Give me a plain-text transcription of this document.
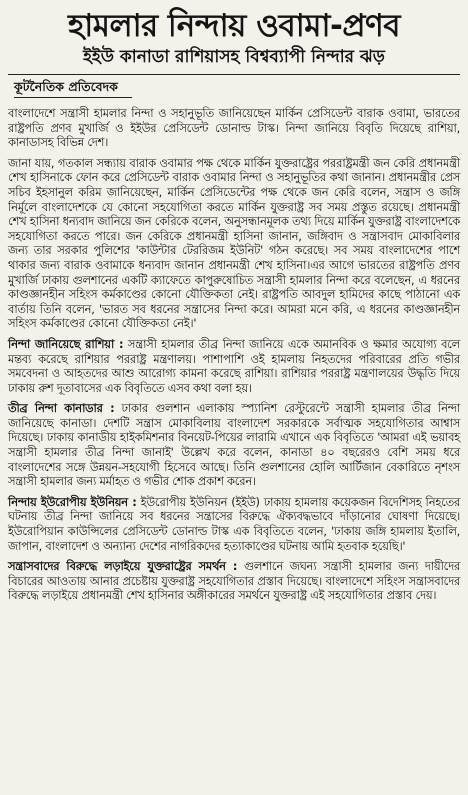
হামলার নিন্দায় ওবামা-প্রণব
ইইউ কানাডা রাশিয়াসহ বিশ্বব্যাপী নিন্দার ঝড়
কূটনৈতিক প্রতিবেদক

বাংলাদেশে সন্ত্রাসী হামলার নিন্দা ও সহানুভূতি জানিয়েছেন মার্কিন প্রেসিডেন্ট বারাক ওবামা, ভারতের রাষ্ট্রপতি প্রণব মুখার্জি ও ইইউর প্রেসিডেন্ট ডোনাল্ড টাস্ক। নিন্দা জানিয়ে বিবৃতি দিয়েছে রাশিয়া, কানাডাসহ বিভিন্ন দেশ।

জানা যায়, গতকাল সন্ধ্যায় বারাক ওবামার পক্ষ থেকে মার্কিন যুক্তরাষ্ট্রের পররাষ্ট্রমন্ত্রী জন কেরি প্রধানমন্ত্রী শেখ হাসিনাকে ফোন করে প্রেসিডেন্ট বারাক ওবামার নিন্দা ও সহানুভূতির কথা জানান। প্রধানমন্ত্রীর প্রেস সচিব ইহসানুল করিম জানিয়েছেন, মার্কিন প্রেসিডেন্টের পক্ষ থেকে জন কেরি বলেন, সন্ত্রাস ও জঙ্গি নির্মূলে বাংলাদেশকে যে কোনো সহযোগিতা করতে মার্কিন যুক্তরাষ্ট্র সব সময় প্রস্তুত রয়েছে। প্রধানমন্ত্রী শেখ হাসিনা ধন্যবাদ জানিয়ে জন কেরিকে বলেন, অনুসন্ধানমূলক তথ্য দিয়ে মার্কিন যুক্তরাষ্ট্র বাংলাদেশকে সহযোগিতা করতে পারে। জন কেরিকে প্রধানমন্ত্রী হাসিনা জানান, জঙ্গিবাদ ও সন্ত্রাসবাদ মোকাবিলার জন্য তার সরকার পুলিশের 'কাউন্টার টেররিজম ইউনিট' গঠন করেছে। সব সময় বাংলাদেশের পাশে থাকার জন্য বারাক ওবামাকে ধন্যবাদ জানান প্রধানমন্ত্রী শেখ হাসিনা।এর আগে ভারতের রাষ্ট্রপতি প্রণব মুখার্জি ঢাকায় গুলশানের একটি ক্যাফেতে কাপুরুষোচিত সন্ত্রাসী হামলার নিন্দা করে বলেছেন, এ ধরনের কাণ্ডজ্ঞানহীন সহিংস কর্মকাণ্ডের কোনো যৌক্তিকতা নেই। রাষ্ট্রপতি আবদুল হামিদের কাছে পাঠানো এক বার্তায় তিনি বলেন, 'ভারত সব ধরনের সন্ত্রাসের নিন্দা করে। আমরা মনে করি, এ ধরনের কাণ্ডজ্ঞানহীন সহিংস কর্মকাণ্ডের কোনো যৌক্তিকতা নেই।'

নিন্দা জানিয়েছে রাশিয়া : সন্ত্রাসী হামলার তীব্র নিন্দা জানিয়ে একে অমানবিক ও ক্ষমার অযোগ্য বলে মন্তব্য করেছে রাশিয়ার পররাষ্ট্র মন্ত্রণালয়। পাশাপাশি ওই হামলায় নিহতদের পরিবারের প্রতি গভীর সমবেদনা ও আহতদের আশু আরোগ্য কামনা করেছে রাশিয়া। রাশিয়ার পররাষ্ট্র মন্ত্রণালয়ের উদ্ধৃতি দিয়ে ঢাকায় রুশ দূতাবাসের এক বিবৃতিতে এসব কথা বলা হয়।

তীব্র নিন্দা কানাডার : ঢাকার গুলশান এলাকায় স্প্যানিশ রেস্টুরেন্টে সন্ত্রাসী হামলার তীব্র নিন্দা জানিয়েছে কানাডা। দেশটি সন্ত্রাস মোকাবিলায় বাংলাদেশ সরকারকে সর্বাত্মক সহযোগিতার আশ্বাস দিয়েছে। ঢাকায় কানাডীয় হাইকমিশনার বিনয়েট-পিয়ের লারামি এখানে এক বিবৃতিতে 'আমরা এই ভয়াবহ সন্ত্রাসী হামলার তীব্র নিন্দা জানাই' উল্লেখ করে বলেন, কানাডা ৪০ বছরেরও বেশি সময় ধরে বাংলাদেশের সঙ্গে উন্নয়ন-সহযোগী হিসেবে আছে। তিনি গুলশানের হোলি আর্টিজান বেকারিতে নৃশংস সন্ত্রাসী হামলার জন্য মর্মাহত ও গভীর শোক প্রকাশ করেন।

নিন্দায় ইউরোপীয় ইউনিয়ন : ইউরোপীয় ইউনিয়ন (ইইউ) ঢাকায় হামলায় কয়েকজন বিদেশিসহ নিহতের ঘটনায় তীব্র নিন্দা জানিয়ে সব ধরনের সন্ত্রাসের বিরুদ্ধে ঐক্যবদ্ধভাবে দাঁড়ানোর ঘোষণা দিয়েছে। ইউরোপিয়ান কাউন্সিলের প্রেসিডেন্ট ডোনাল্ড টাস্ক এক বিবৃতিতে বলেন, 'ঢাকায় জঙ্গি হামলায় ইতালি, জাপান, বাংলাদেশ ও অন্যান্য দেশের নাগরিকদের হত্যাকাণ্ডের ঘটনায় আমি হতবাক হয়েছি।'

সন্ত্রাসবাদের বিরুদ্ধে লড়াইয়ে যুক্তরাষ্ট্রের সমর্থন : গুলশানে জঘন্য সন্ত্রাসী হামলার জন্য দায়ীদের বিচারের আওতায় আনার প্রচেষ্টায় যুক্তরাষ্ট্র সহযোগিতার প্রস্তাব দিয়েছে। বাংলাদেশে সহিংস সন্ত্রাসবাদের বিরুদ্ধে লড়াইয়ে প্রধানমন্ত্রী শেখ হাসিনার অঙ্গীকারের সমর্থনে যুক্তরাষ্ট্র এই সহযোগিতার প্রস্তাব দেয়।
